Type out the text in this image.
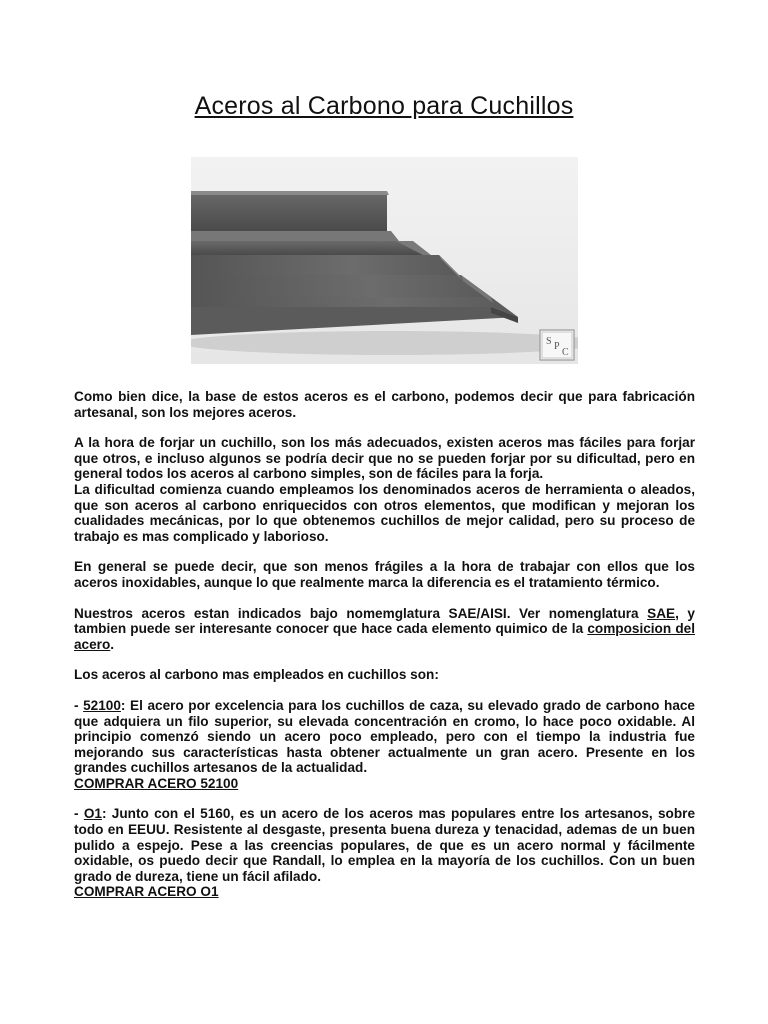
Aceros al Carbono para Cuchillos
S P
C

Como bien dice, la base de estos aceros es el carbono, podemos decir que para fabricación artesanal, son los mejores aceros.

A la hora de forjar un cuchillo, son los más adecuados, existen aceros mas fáciles para forjar que otros, e incluso algunos se podría decir que no se pueden forjar por su dificultad, pero en general todos los aceros al carbono simples, son de fáciles para la forja.

La dificultad comienza cuando empleamos los denominados aceros de herramienta o aleados, que son aceros al carbono enriquecidos con otros elementos, que modifican y mejoran los cualidades mecánicas, por lo que obtenemos cuchillos de mejor calidad, pero su proceso de trabajo es mas complicado y laborioso.

En general se puede decir, que son menos frágiles a la hora de trabajar con ellos que los aceros inoxidables, aunque lo que realmente marca la diferencia es el tratamiento térmico.

Nuestros aceros estan indicados bajo nomemglatura SAE/AISI. Ver nomenglatura SAE, y tambien puede ser interesante conocer que hace cada elemento quimico de la composicion del acero.

Los aceros al carbono mas empleados en cuchillos son:

- 52100: El acero por excelencia para los cuchillos de caza, su elevado grado de carbono hace que adquiera un filo superior, su elevada concentración en cromo, lo hace poco oxidable. Al principio comenzó siendo un acero poco empleado, pero con el tiempo la industria fue mejorando sus características hasta obtener actualmente un gran acero. Presente en los grandes cuchillos artesanos de la actualidad.
COMPRAR ACERO 52100

- O1: Junto con el 5160, es un acero de los aceros mas populares entre los artesanos, sobre todo en EEUU. Resistente al desgaste, presenta buena dureza y tenacidad, ademas de un buen pulido a espejo. Pese a las creencias populares, de que es un acero normal y fácilmente oxidable, os puedo decir que Randall, lo emplea en la mayoría de los cuchillos. Con un buen grado de dureza, tiene un fácil afilado.
COMPRAR ACERO O1
